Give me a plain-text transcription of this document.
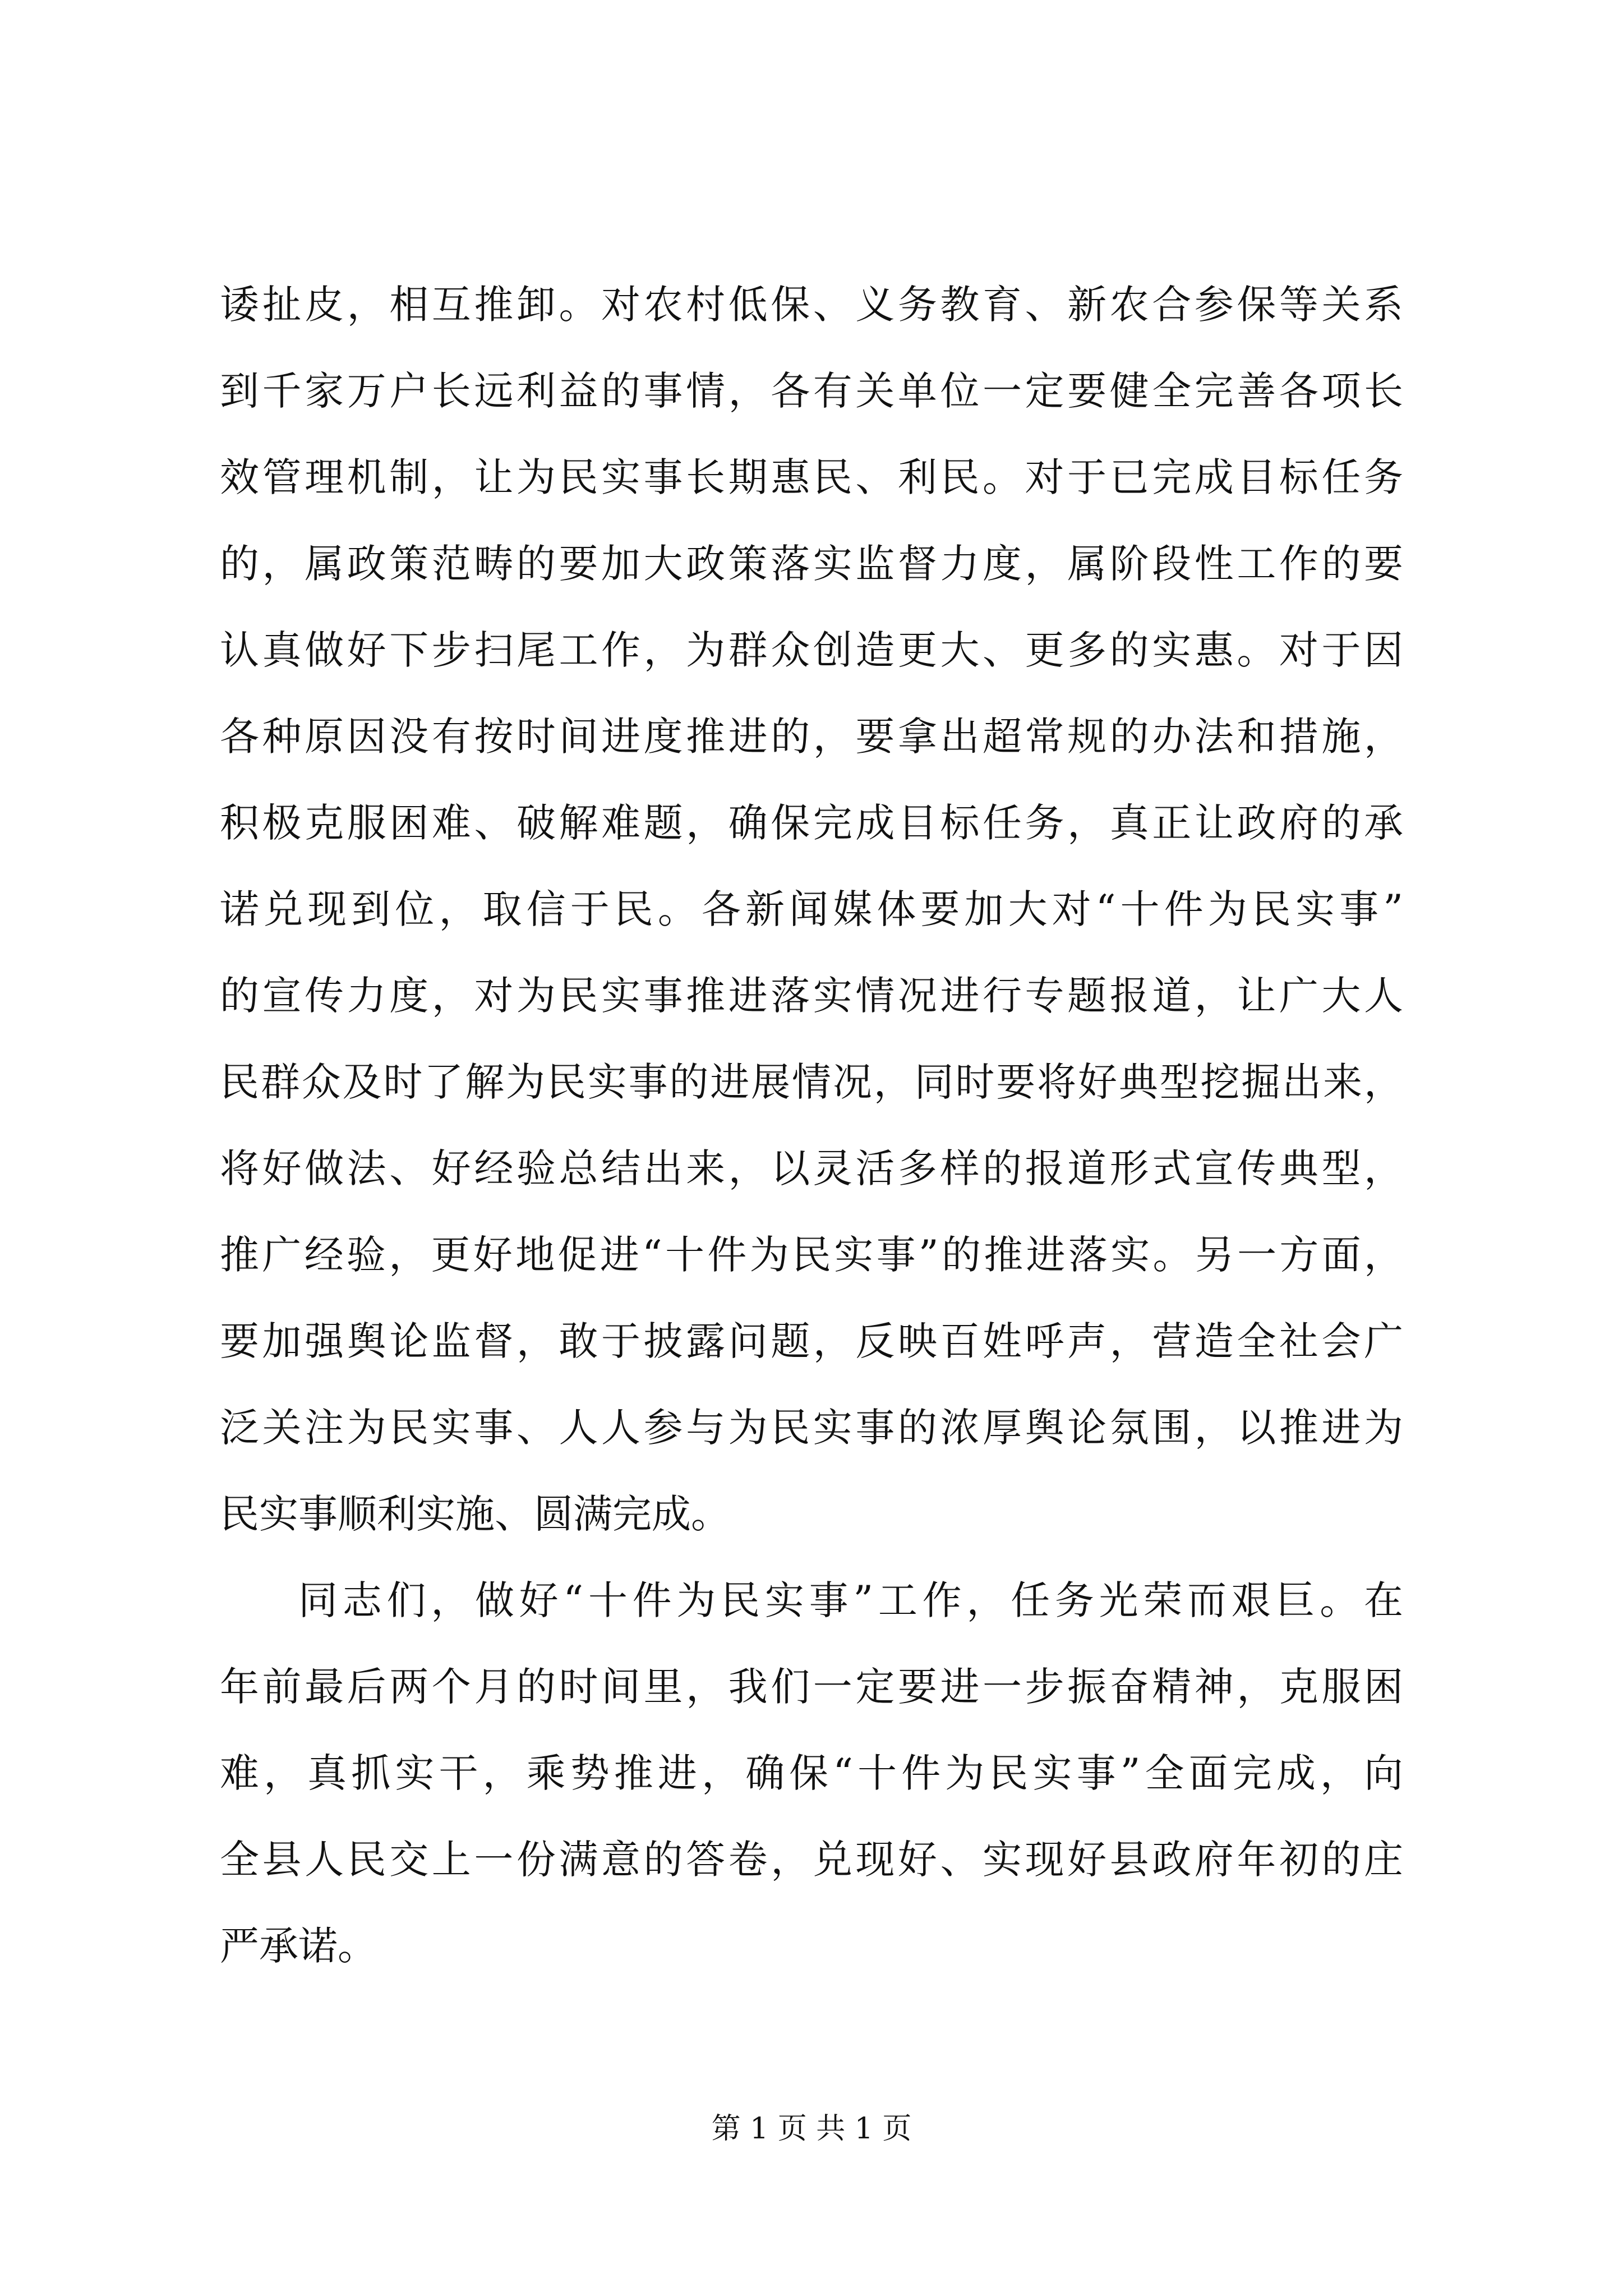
诿扯皮，相互推卸。对农村低保、义务教育、新农合参保等关系
到千家万户长远利益的事情，各有关单位一定要健全完善各项长
效管理机制，让为民实事长期惠民、利民。对于已完成目标任务
的，属政策范畴的要加大政策落实监督力度，属阶段性工作的要
认真做好下步扫尾工作，为群众创造更大、更多的实惠。对于因
各种原因没有按时间进度推进的，要拿出超常规的办法和措施，
积极克服困难、破解难题，确保完成目标任务，真正让政府的承
诺兑现到位，取信于民。各新闻媒体要加大对“十件为民实事”
的宣传力度，对为民实事推进落实情况进行专题报道，让广大人
民群众及时了解为民实事的进展情况，同时要将好典型挖掘出来，
将好做法、好经验总结出来，以灵活多样的报道形式宣传典型，
推广经验，更好地促进“十件为民实事”的推进落实。另一方面，
要加强舆论监督，敢于披露问题，反映百姓呼声，营造全社会广
泛关注为民实事、人人参与为民实事的浓厚舆论氛围，以推进为
民实事顺利实施、圆满完成。
同志们，做好“十件为民实事”工作，任务光荣而艰巨。在
年前最后两个月的时间里，我们一定要进一步振奋精神，克服困
难，真抓实干，乘势推进，确保“十件为民实事”全面完成，向
全县人民交上一份满意的答卷，兑现好、实现好县政府年初的庄
严承诺。
第 1 页 共 1 页
